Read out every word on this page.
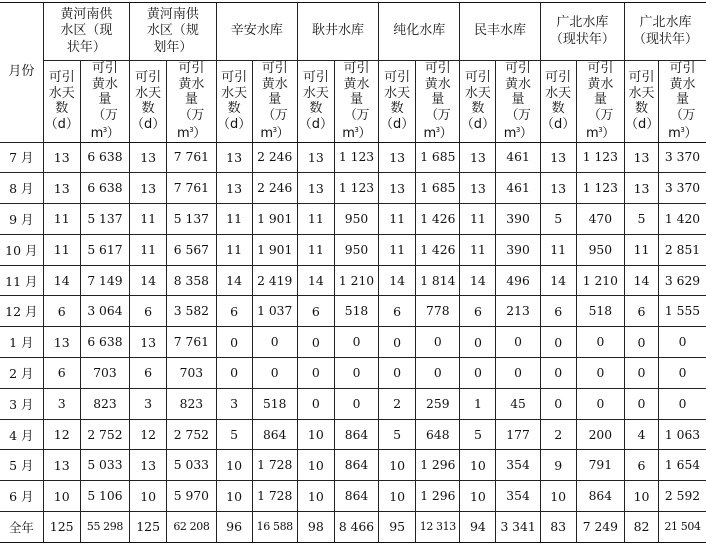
月份	黄河南供
水区（现
状年）		黄河南供
水区（规
划年）		辛安水库		耿井水库		纯化水库		民丰水库		广北水库
（现状年）		广北水库
（现状年）	

	可引
水天
数
（d）	可引
黄水
量
（万$m^3$）	可引
水天
数
（d）	可引
黄水
量
（万$m^3$）	可引
水天
数
（d）	可引
黄水
量
（万$m^3$）	可引
水天
数
（d）	可引
黄水
量
（万$m^3$）	可引
水天
数
（d）	可引
黄水
量
（万$m^3$）	可引
水天
数
（d）	可引
黄水
量
（万$m^3$）	可引
水天
数
（d）	可引
黄水
量
（万$m^3$）	可引
水天
数
（d）	可引
黄水
量
（万$m^3$）

7 月	13	6 638	13	7 761	13	2 246	13	1 123	13	1 685	13	461	13	1 123	13	3 370
8 月	13	6 638	13	7 761	13	2 246	13	1 123	13	1 685	13	461	13	1 123	13	3 370
9 月	11	5 137	11	5 137	11	1 901	11	950	11	1 426	11	390	5	470	5	1 420
10 月	11	5 617	11	6 567	11	1 901	11	950	11	1 426	11	390	11	950	11	2 851
11 月	14	7 149	14	8 358	14	2 419	14	1 210	14	1 814	14	496	14	1 210	14	3 629
12 月	6	3 064	6	3 582	6	1 037	6	518	6	778	6	213	6	518	6	1 555
1 月	13	6 638	13	7 761	0	0	0	0	0	0	0	0	0	0	0	0
2 月	6	703	6	703	0	0	0	0	0	0	0	0	0	0	0	0
3 月	3	823	3	823	3	518	0	0	2	259	1	45	0	0	0	0
4 月	12	2 752	12	2 752	5	864	10	864	5	648	5	177	2	200	4	1 063
5 月	13	5 033	13	5 033	10	1 728	10	864	10	1 296	10	354	9	791	6	1 654
6 月	10	5 106	10	5 970	10	1 728	10	864	10	1 296	10	354	10	864	10	2 592
全年	125	55 298	125	62 208	96	16 588	98	8 466	95	12 313	94	3 341	83	7 249	82	21 504
